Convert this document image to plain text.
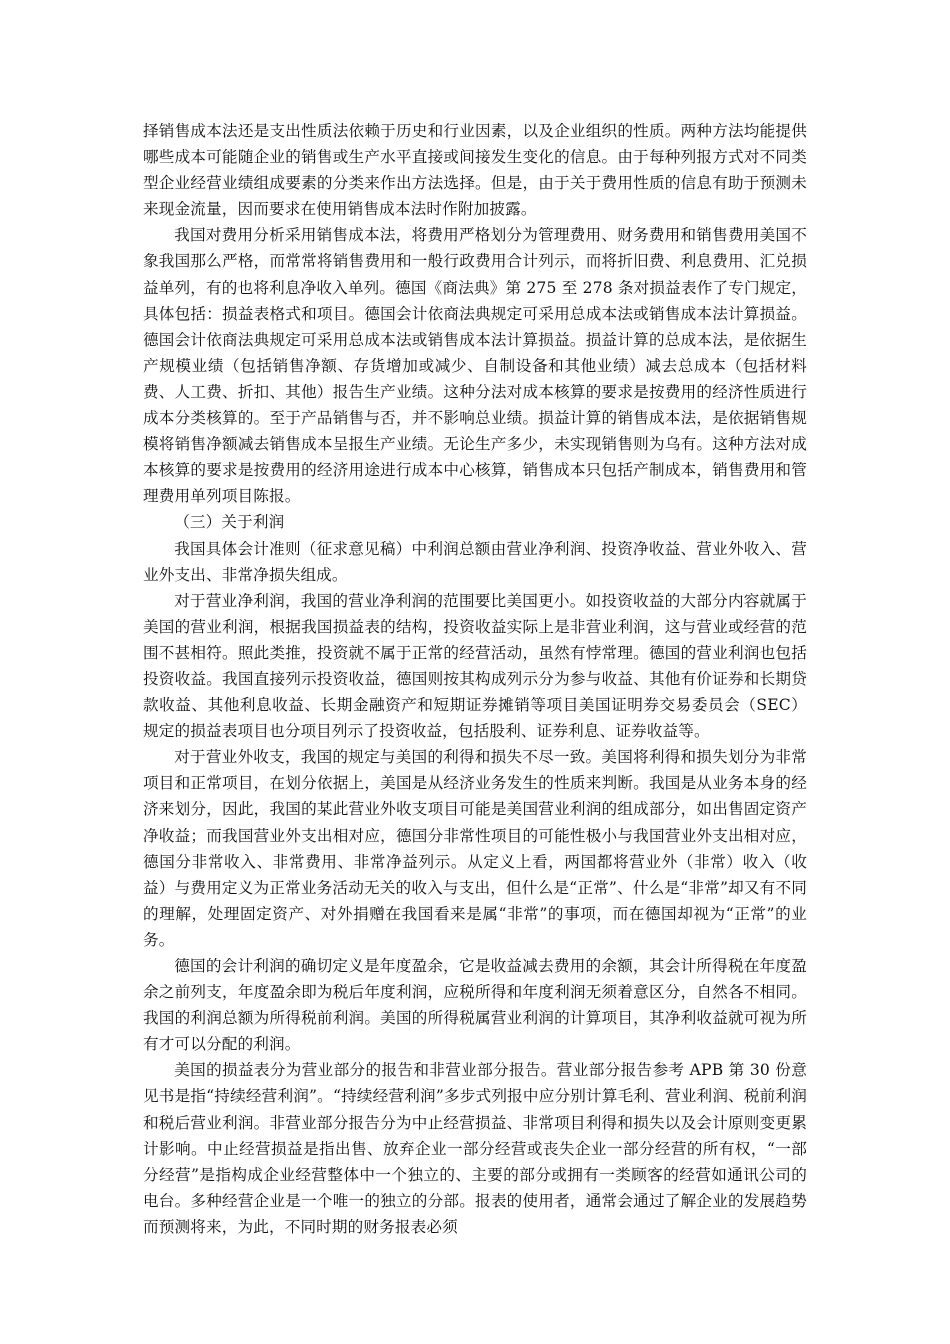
择销售成本法还是支出性质法依赖于历史和行业因素，以及企业组织的性质。两种方法均能提供哪些成本可能随企业的销售或生产水平直接或间接发生变化的信息。由于每种列报方式对不同类型企业经营业绩组成要素的分类来作出方法选择。但是，由于关于费用性质的信息有助于预测未来现金流量，因而要求在使用销售成本法时作附加披露。

我国对费用分析采用销售成本法，将费用严格划分为管理费用、财务费用和销售费用美国不象我国那么严格，而常常将销售费用和一般行政费用合计列示，而将折旧费、利息费用、汇兑损益单列，有的也将利息净收入单列。德国《商法典》第 275 至 278 条对损益表作了专门规定，具体包括：损益表格式和项目。德国会计依商法典规定可采用总成本法或销售成本法计算损益。德国会计依商法典规定可采用总成本法或销售成本法计算损益。损益计算的总成本法，是依据生产规模业绩（包括销售净额、存货增加或减少、自制设备和其他业绩）减去总成本（包括材料费、人工费、折扣、其他）报告生产业绩。这种分法对成本核算的要求是按费用的经济性质进行成本分类核算的。至于产品销售与否，并不影响总业绩。损益计算的销售成本法，是依据销售规模将销售净额减去销售成本呈报生产业绩。无论生产多少，未实现销售则为乌有。这种方法对成本核算的要求是按费用的经济用途进行成本中心核算，销售成本只包括产制成本，销售费用和管理费用单列项目陈报。

（三）关于利润

我国具体会计准则（征求意见稿）中利润总额由营业净利润、投资净收益、营业外收入、营业外支出、非常净损失组成。

对于营业净利润，我国的营业净利润的范围要比美国更小。如投资收益的大部分内容就属于美国的营业利润，根据我国损益表的结构，投资收益实际上是非营业利润，这与营业或经营的范围不甚相符。照此类推，投资就不属于正常的经营活动，虽然有悖常理。德国的营业利润也包括投资收益。我国直接列示投资收益，德国则按其构成列示分为参与收益、其他有价证券和长期贷款收益、其他利息收益、长期金融资产和短期证券摊销等项目美国证明券交易委员会（SEC）规定的损益表项目也分项目列示了投资收益，包括股利、证券利息、证券收益等。

对于营业外收支，我国的规定与美国的利得和损失不尽一致。美国将利得和损失划分为非常项目和正常项目，在划分依据上，美国是从经济业务发生的性质来判断。我国是从业务本身的经济来划分，因此，我国的某此营业外收支项目可能是美国营业利润的组成部分，如出售固定资产净收益；而我国营业外支出相对应，德国分非常性项目的可能性极小与我国营业外支出相对应，德国分非常收入、非常费用、非常净益列示。从定义上看，两国都将营业外（非常）收入（收益）与费用定义为正常业务活动无关的收入与支出，但什么是“正常”、什么是“非常”却又有不同的理解，处理固定资产、对外捐赠在我国看来是属“非常”的事项，而在德国却视为“正常”的业务。

德国的会计利润的确切定义是年度盈余，它是收益减去费用的余额，其会计所得税在年度盈余之前列支，年度盈余即为税后年度利润，应税所得和年度利润无须着意区分，自然各不相同。我国的利润总额为所得税前利润。美国的所得税属营业利润的计算项目，其净利收益就可视为所有才可以分配的利润。

美国的损益表分为营业部分的报告和非营业部分报告。营业部分报告参考 APB 第 30 份意见书是指“持续经营利润”。“持续经营利润”多步式列报中应分别计算毛利、营业利润、税前利润和税后营业利润。非营业部分报告分为中止经营损益、非常项目利得和损失以及会计原则变更累计影响。中止经营损益是指出售、放弃企业一部分经营或丧失企业一部分经营的所有权，“一部分经营”是指构成企业经营整体中一个独立的、主要的部分或拥有一类顾客的经营如通讯公司的电台。多种经营企业是一个唯一的独立的分部。报表的使用者，通常会通过了解企业的发展趋势而预测将来，为此，不同时期的财务报表必须
